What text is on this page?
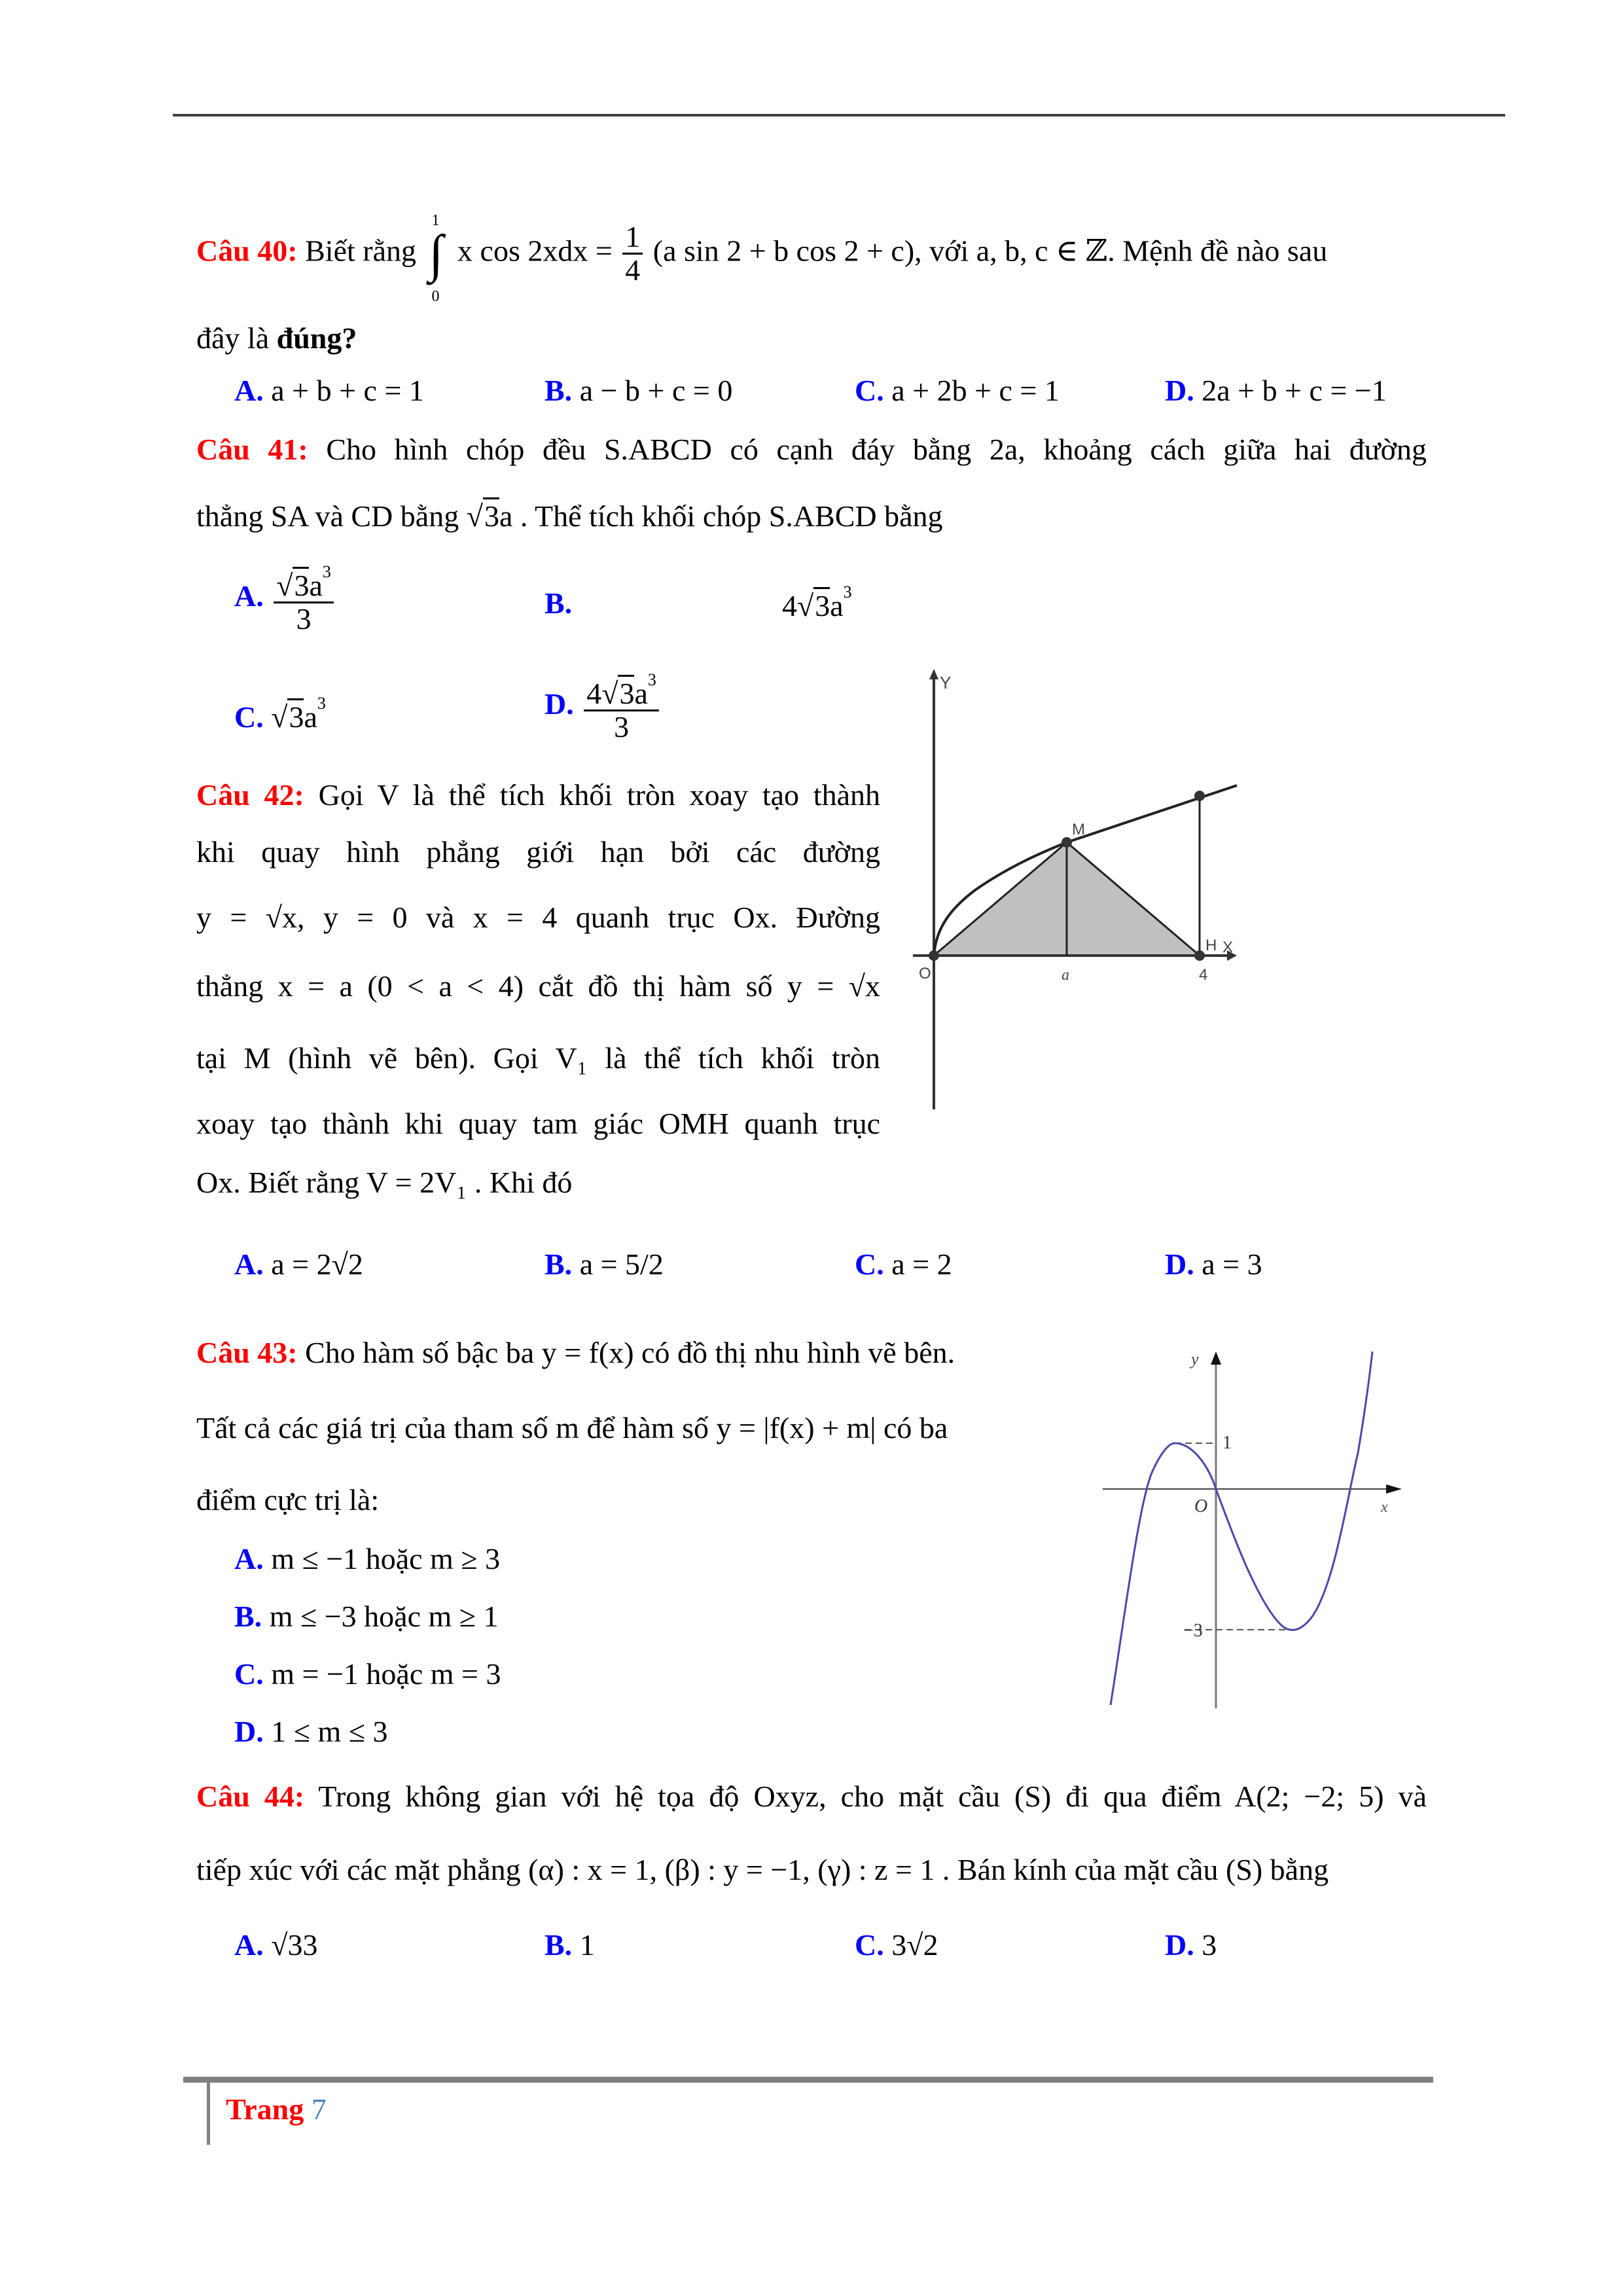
Câu 40: Biết rằng
1
∫
0
x $\cos 2xdx = \frac{1}{4} (a$ sin 2 + b cos 2 + c), với a, b, c ∈ ℤ. Mệnh đề nào sau
đây là đúng?
A. a + b + c = 1	B. a − b + c = 0	C. a + 2b + c = 1	D. 2a + b + c = −1
Câu 41: Cho hình chóp đều S.ABCD có cạnh đáy bằng 2a, khoảng cách giữa hai đường
thẳng SA và CD bằng √3a . Thể tích khối chóp S.ABCD bằng
A. $\frac{√3a^3}{3}$	B.	$4√3a^3$
C. $√3a^3$	D. $\frac{4√3a^3}{3}$
Câu 42: Gọi V là thể tích khối tròn xoay tạo thành
khi quay hình phẳng giới hạn bởi các đường
y = √x, y = 0 và x = 4 quanh trục Ox. Đường
thẳng x = a (0 < a < 4) cắt đồ thị hàm số y = √x
tại M (hình vẽ bên). Gọi V₁ là thể tích khối tròn
xoay tạo thành khi quay tam giác OMH quanh trục
Ox. Biết rằng V = 2V₁ . Khi đó
Y
X
O
M
H
a	4
A. a = 2√2	B. a = 5/2	C. a = 2	D. a = 3
Câu 43: Cho hàm số bậc ba y = f(x) có đồ thị nhu hình vẽ bên.
Tất cả các giá trị của tham số m để hàm số y = |f(x) + m| có ba
điểm cực trị là:
A. m ≤ −1 hoặc m ≥ 3
B. m ≤ −3 hoặc m ≥ 1
C. m = −1 hoặc m = 3
D. 1 ≤ m ≤ 3
y
x
O
1
−3
Câu 44: Trong không gian với hệ tọa độ Oxyz, cho mặt cầu (S) đi qua điểm A(2; −2; 5) và
tiếp xúc với các mặt phẳng (α) : x = 1, (β) : y = −1, (γ) : z = 1 . Bán kính của mặt cầu (S) bằng
A. √33	B. 1	C. 3√2	D. 3
Trang 7
